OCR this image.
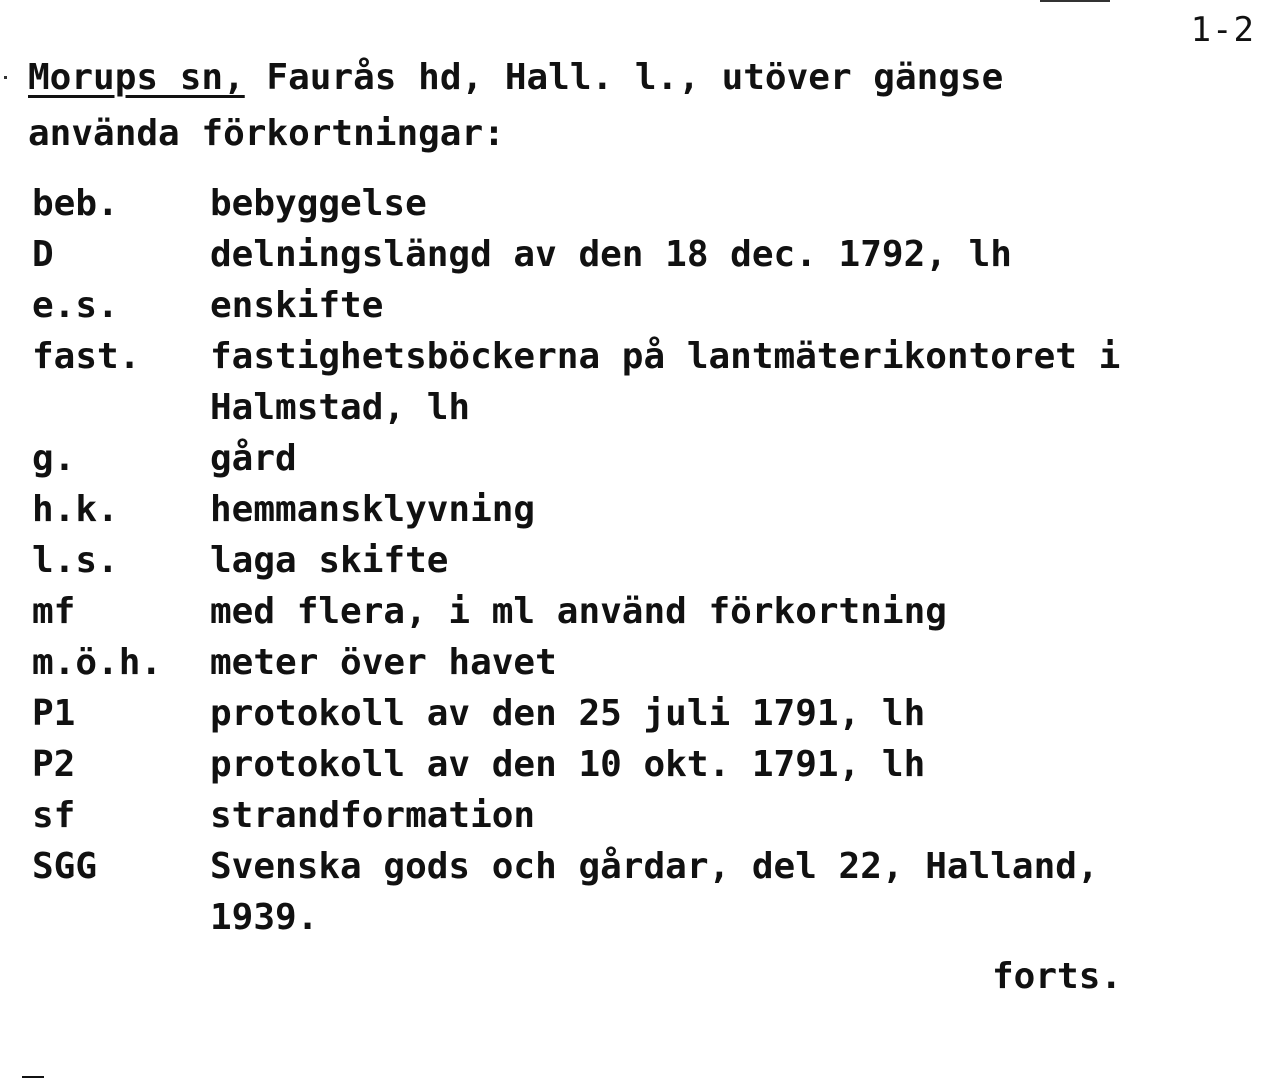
1-2
Morups sn, Faurås hd, Hall. l., utöver gängse
använda förkortningar:
beb.	bebyggelse
D	delningslängd av den 18 dec. 1792, lh
e.s.	enskifte
fast.	fastighetsböckerna på lantmäterikontoret i
Halmstad, lh
g.	gård
h.k.	hemmansklyvning
l.s.	laga skifte
mf	med flera, i ml använd förkortning
m.ö.h.	meter över havet
P1	protokoll av den 25 juli 1791, lh
P2	protokoll av den 10 okt. 1791, lh
sf	strandformation
SGG	Svenska gods och gårdar, del 22, Halland,
1939.
forts.
